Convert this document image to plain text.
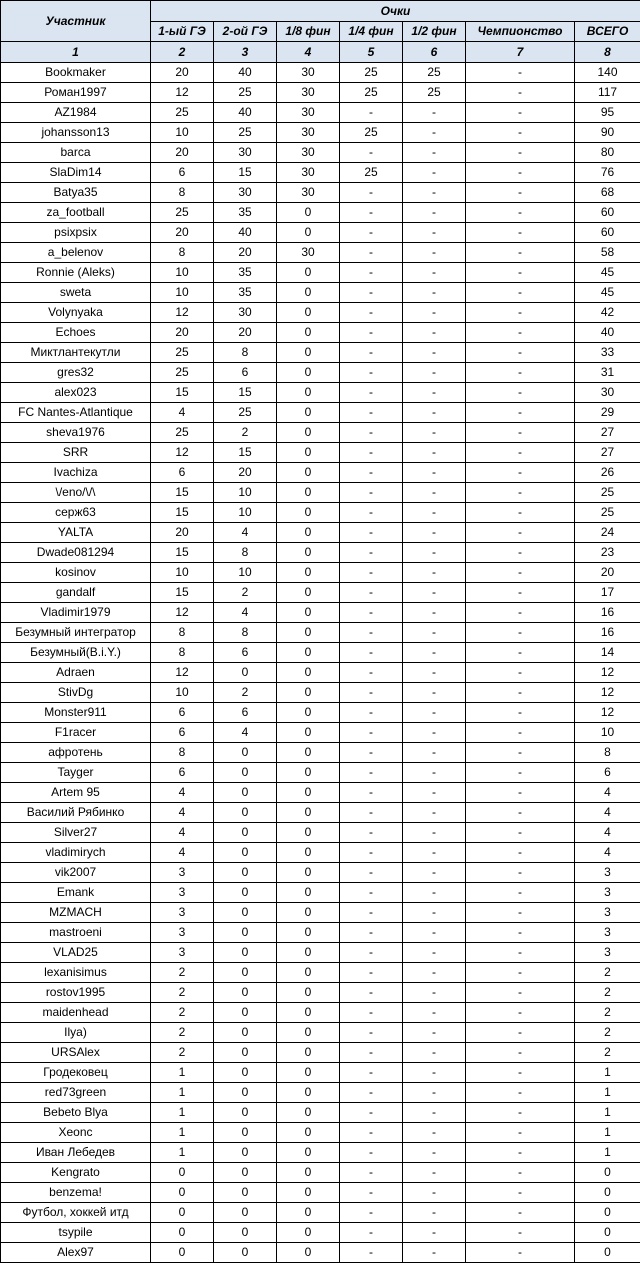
Участник	Очки						
	1-ый ГЭ	2-ой ГЭ	1/8 фин	1/4 фин	1/2 фин	Чемпионство	ВСЕГО
1	2	3	4	5	6	7	8
Bookmaker	20	40	30	25	25	-	140
Роман1997	12	25	30	25	25	-	117
AZ1984	25	40	30	-	-	-	95
johansson13	10	25	30	25	-	-	90
barca	20	30	30	-	-	-	80
SlaDim14	6	15	30	25	-	-	76
Batya35	8	30	30	-	-	-	68
za_football	25	35	0	-	-	-	60
psixpsix	20	40	0	-	-	-	60
a_belenov	8	20	30	-	-	-	58
Ronnie (Aleks)	10	35	0	-	-	-	45
sweta	10	35	0	-	-	-	45
Volynyaka	12	30	0	-	-	-	42
Echoes	20	20	0	-	-	-	40
Миктлантекутли	25	8	0	-	-	-	33
gres32	25	6	0	-	-	-	31
alex023	15	15	0	-	-	-	30
FC Nantes-Atlantique	4	25	0	-	-	-	29
sheva1976	25	2	0	-	-	-	27
SRR	12	15	0	-	-	-	27
Ivachiza	6	20	0	-	-	-	26
\/eno/\/\	15	10	0	-	-	-	25
серж63	15	10	0	-	-	-	25
YALTA	20	4	0	-	-	-	24
Dwade081294	15	8	0	-	-	-	23
kosinov	10	10	0	-	-	-	20
gandalf	15	2	0	-	-	-	17
Vladimir1979	12	4	0	-	-	-	16
Безумный интегратор	8	8	0	-	-	-	16
Безумный(B.i.Y.)	8	6	0	-	-	-	14
Adraen	12	0	0	-	-	-	12
StivDg	10	2	0	-	-	-	12
Monster911	6	6	0	-	-	-	12
F1racer	6	4	0	-	-	-	10
афротень	8	0	0	-	-	-	8
Tayger	6	0	0	-	-	-	6
Artem 95	4	0	0	-	-	-	4
Василий Рябинко	4	0	0	-	-	-	4
Silver27	4	0	0	-	-	-	4
vladimirych	4	0	0	-	-	-	4
vik2007	3	0	0	-	-	-	3
Emank	3	0	0	-	-	-	3
MZMACH	3	0	0	-	-	-	3
mastroeni	3	0	0	-	-	-	3
VLAD25	3	0	0	-	-	-	3
lexanisimus	2	0	0	-	-	-	2
rostov1995	2	0	0	-	-	-	2
maidenhead	2	0	0	-	-	-	2
Ilya)	2	0	0	-	-	-	2
URSAlex	2	0	0	-	-	-	2
Гродековец	1	0	0	-	-	-	1
red73green	1	0	0	-	-	-	1
Bebeto Blya	1	0	0	-	-	-	1
Xeonc	1	0	0	-	-	-	1
Иван Лебедев	1	0	0	-	-	-	1
Kengrato	0	0	0	-	-	-	0
benzema!	0	0	0	-	-	-	0
Футбол, хоккей итд	0	0	0	-	-	-	0
tsypile	0	0	0	-	-	-	0
Alex97	0	0	0	-	-	-	0
